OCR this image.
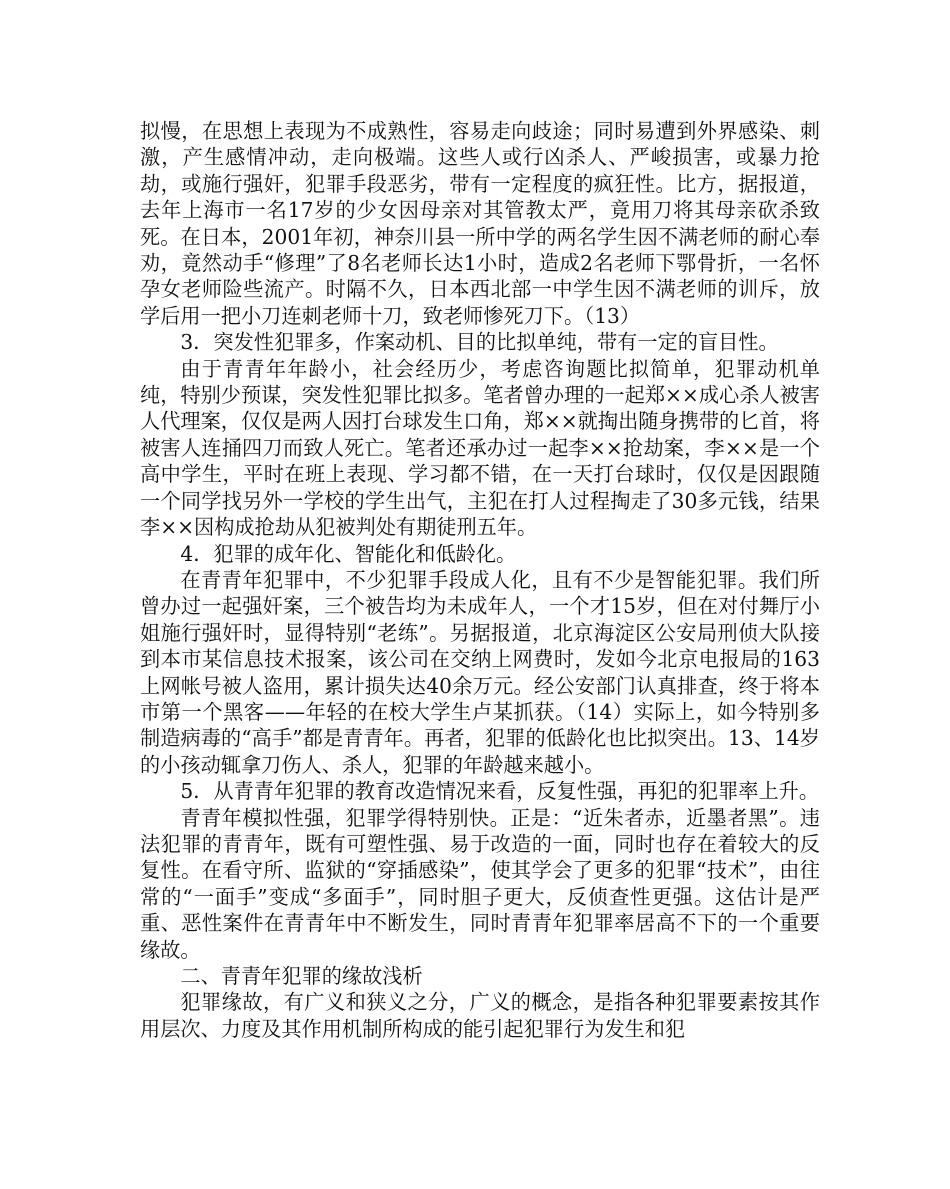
拟慢，在思想上表现为不成熟性，容易走向歧途；同时易遭到外界感染、刺激，产生感情冲动，走向极端。这些人或行凶杀人、严峻损害，或暴力抢劫，或施行强奸，犯罪手段恶劣，带有一定程度的疯狂性。比方，据报道，去年上海市一名17岁的少女因母亲对其管教太严，竟用刀将其母亲砍杀致死。在日本，2001年初，神奈川县一所中学的两名学生因不满老师的耐心奉劝，竟然动手“修理”了8名老师长达1小时，造成2名老师下鄂骨折，一名怀孕女老师险些流产。时隔不久，日本西北部一中学生因不满老师的训斥，放学后用一把小刀连刺老师十刀，致老师惨死刀下。（13）

3．突发性犯罪多，作案动机、目的比拟单纯，带有一定的盲目性。

由于青青年年龄小，社会经历少，考虑咨询题比拟简单，犯罪动机单纯，特别少预谋，突发性犯罪比拟多。笔者曾办理的一起郑××成心杀人被害人代理案，仅仅是两人因打台球发生口角，郑××就掏出随身携带的匕首，将被害人连捅四刀而致人死亡。笔者还承办过一起李××抢劫案，李××是一个高中学生，平时在班上表现、学习都不错，在一天打台球时，仅仅是因跟随一个同学找另外一学校的学生出气，主犯在打人过程掏走了30多元钱，结果李××因构成抢劫从犯被判处有期徒刑五年。

4．犯罪的成年化、智能化和低龄化。

在青青年犯罪中，不少犯罪手段成人化，且有不少是智能犯罪。我们所曾办过一起强奸案，三个被告均为未成年人，一个才15岁，但在对付舞厅小姐施行强奸时，显得特别“老练”。另据报道，北京海淀区公安局刑侦大队接到本市某信息技术报案，该公司在交纳上网费时，发如今北京电报局的163上网帐号被人盗用，累计损失达40余万元。经公安部门认真排查，终于将本市第一个黑客——年轻的在校大学生卢某抓获。（14）实际上，如今特别多制造病毒的“高手”都是青青年。再者，犯罪的低龄化也比拟突出。13、14岁的小孩动辄拿刀伤人、杀人，犯罪的年龄越来越小。

5．从青青年犯罪的教育改造情况来看，反复性强，再犯的犯罪率上升。

青青年模拟性强，犯罪学得特别快。正是：“近朱者赤，近墨者黑”。违法犯罪的青青年，既有可塑性强、易于改造的一面，同时也存在着较大的反复性。在看守所、监狱的“穿插感染”，使其学会了更多的犯罪“技术”，由往常的“一面手”变成“多面手”，同时胆子更大，反侦查性更强。这估计是严重、恶性案件在青青年中不断发生，同时青青年犯罪率居高不下的一个重要缘故。

二、青青年犯罪的缘故浅析

犯罪缘故，有广义和狭义之分，广义的概念，是指各种犯罪要素按其作用层次、力度及其作用机制所构成的能引起犯罪行为发生和犯
